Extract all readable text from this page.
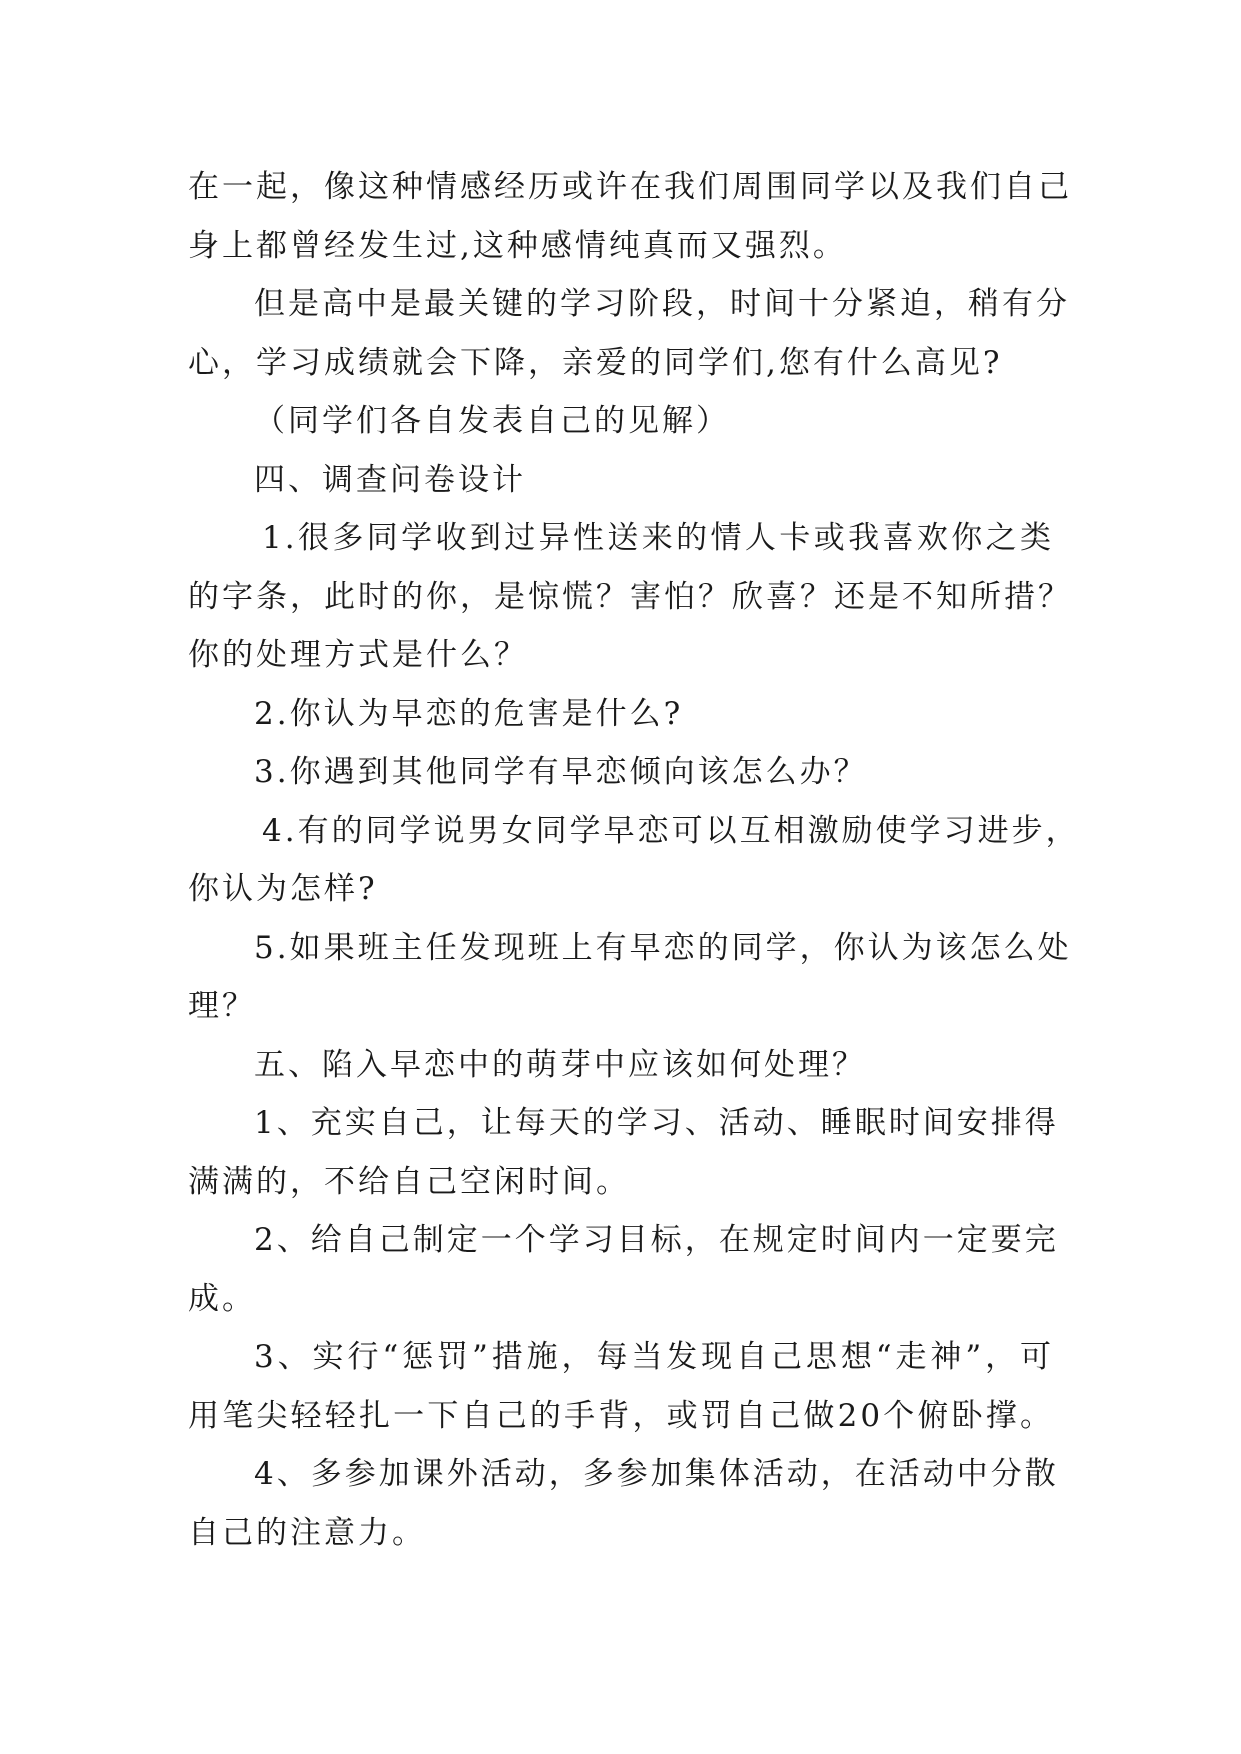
在一起，像这种情感经历或许在我们周围同学以及我们自己
身上都曾经发生过,这种感情纯真而又强烈。
但是高中是最关键的学习阶段，时间十分紧迫，稍有分
心，学习成绩就会下降，亲爱的同学们,您有什么高见?
（同学们各自发表自己的见解）
四、调查问卷设计
1.很多同学收到过异性送来的情人卡或我喜欢你之类
的字条，此时的你，是惊慌？害怕？欣喜？还是不知所措？
你的处理方式是什么？
2.你认为早恋的危害是什么?
3.你遇到其他同学有早恋倾向该怎么办？
4.有的同学说男女同学早恋可以互相激励使学习进步，
你认为怎样?
5.如果班主任发现班上有早恋的同学，你认为该怎么处
理？
五、陷入早恋中的萌芽中应该如何处理？
1、充实自己，让每天的学习、活动、睡眠时间安排得
满满的，不给自己空闲时间。
2、给自己制定一个学习目标，在规定时间内一定要完
成。
3、实行“惩罚”措施，每当发现自己思想“走神”，可
用笔尖轻轻扎一下自己的手背，或罚自己做20个俯卧撑。
4、多参加课外活动，多参加集体活动，在活动中分散
自己的注意力。
